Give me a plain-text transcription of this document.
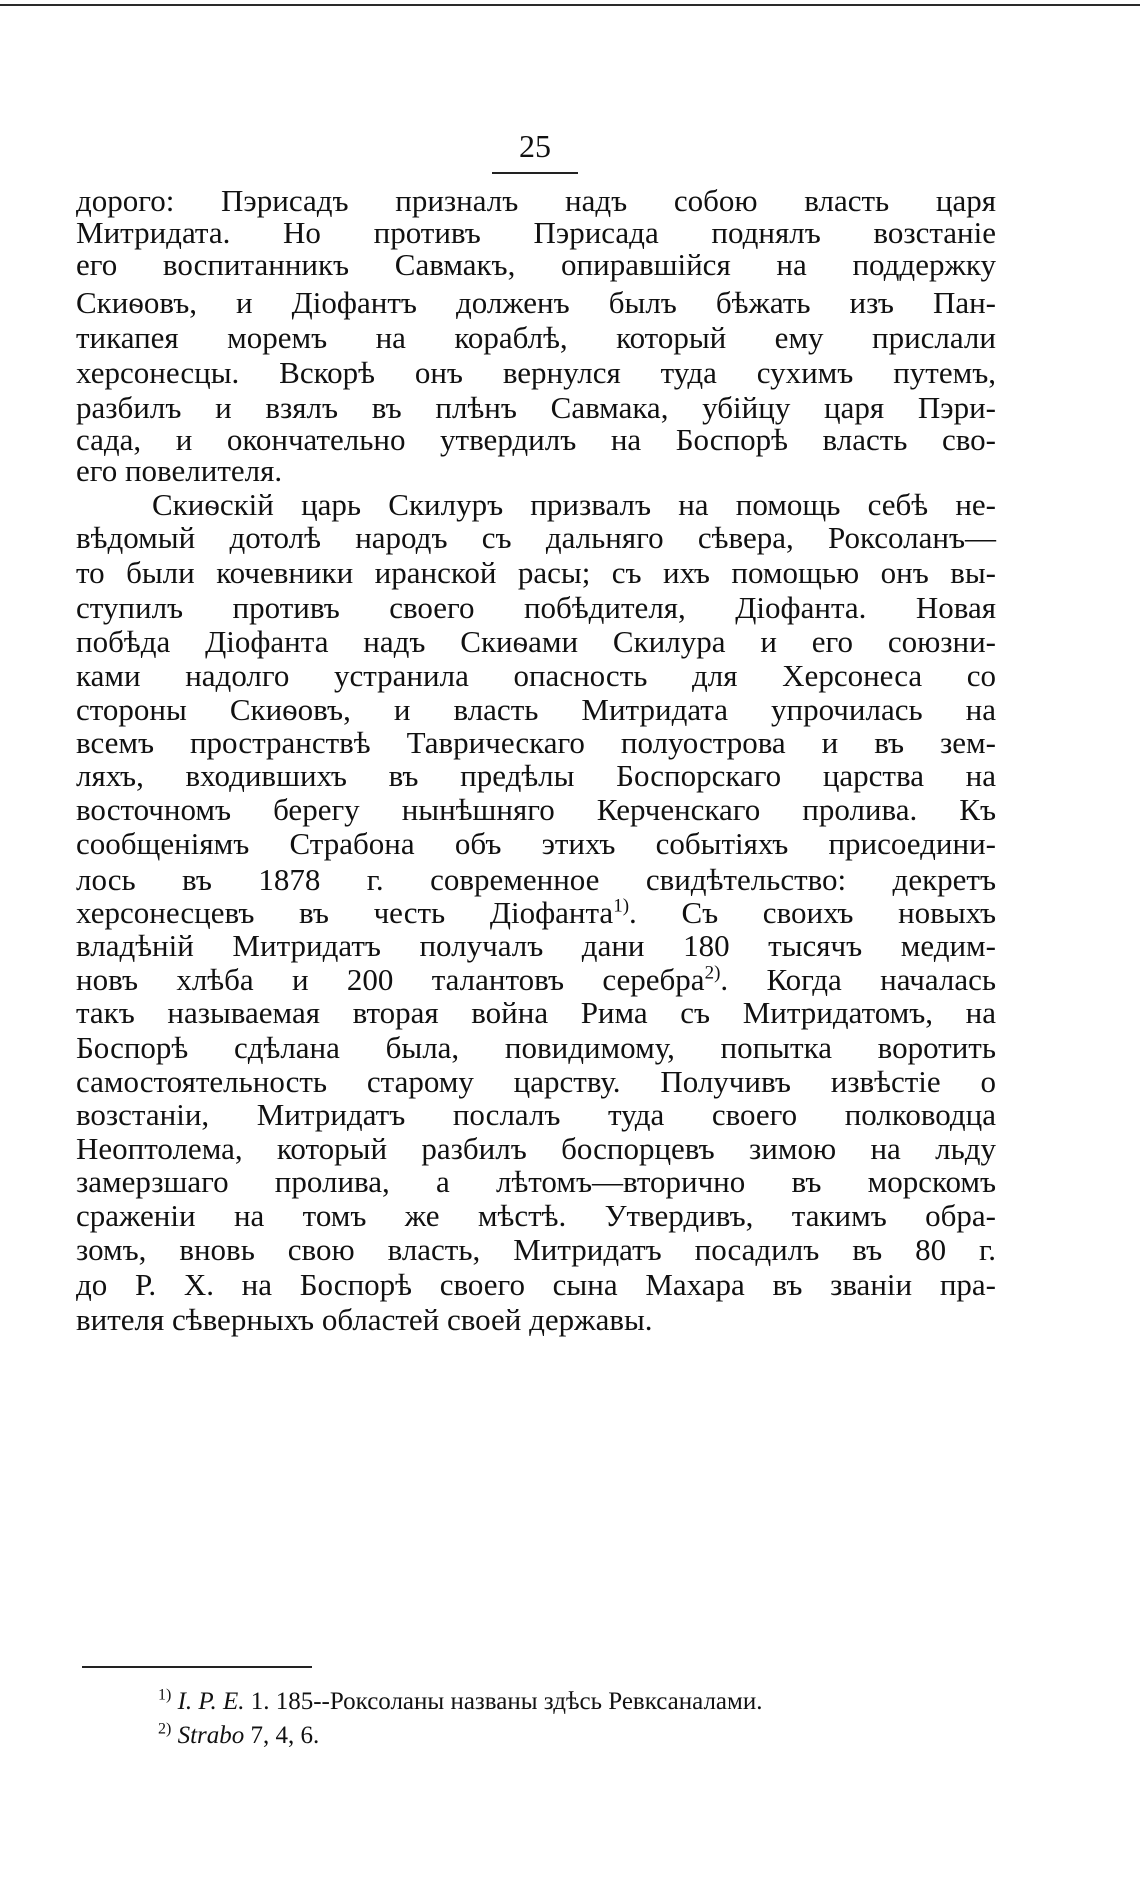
25
дорого: Пэрисадъ призналъ надъ собою власть царя
Митридата. Но противъ Пэрисада поднялъ возстаніе
его воспитанникъ Савмакъ, опиравшійся на поддержку
Скиѳовъ, и Діофантъ долженъ былъ бѣжать изъ Пан-
тикапея моремъ на кораблѣ, который ему прислали
херсонесцы. Вскорѣ онъ вернулся туда сухимъ путемъ,
разбилъ и взялъ въ плѣнъ Савмака, убійцу царя Пэри-
сада, и окончательно утвердилъ на Боспорѣ власть сво-
его повелителя.
Скиѳскій царь Скилуръ призвалъ на помощь себѣ не-
вѣдомый дотолѣ народъ съ дальняго сѣвера, Роксоланъ—
то были кочевники иранской расы; съ ихъ помощью онъ вы-
ступилъ противъ своего побѣдителя, Діофанта. Новая
побѣда Діофанта надъ Скиѳами Скилура и его союзни-
ками надолго устранила опасность для Херсонеса со
стороны Скиѳовъ, и власть Митридата упрочилась на
всемъ пространствѣ Таврическаго полуострова и въ зем-
ляхъ, входившихъ въ предѣлы Боспорскаго царства на
восточномъ берегу нынѣшняго Керченскаго пролива. Къ
сообщеніямъ Страбона объ этихъ событіяхъ присоедини-
лось въ 1878 г. современное свидѣтельство: декретъ
херсонесцевъ въ честь Діофанта$^{1)}$. Съ своихъ новыхъ
владѣній Митридатъ получалъ дани 180 тысячъ медим-
новъ хлѣба и 200 талантовъ серебра$^{2)}$. Когда началась
такъ называемая вторая война Рима съ Митридатомъ, на
Боспорѣ сдѣлана была, повидимому, попытка воротить
самостоятельность старому царству. Получивъ извѣстіе о
возстаніи, Митридатъ послалъ туда своего полководца
Неоптолема, который разбилъ боспорцевъ зимою на льду
замерзшаго пролива, а лѣтомъ—вторично въ морскомъ
сраженіи на томъ же мѣстѣ. Утвердивъ, такимъ обра-
зомъ, вновь свою власть, Митридатъ посадилъ въ 80 г.
до Р. Х. на Боспорѣ своего сына Махара въ званіи пра-
вителя сѣверныхъ областей своей державы.
$^{1)}$ I. P. E. 1. 185--Роксоланы названы здѣсь Ревксаналами.
$^{2)}$ Strabo 7, 4, 6.
